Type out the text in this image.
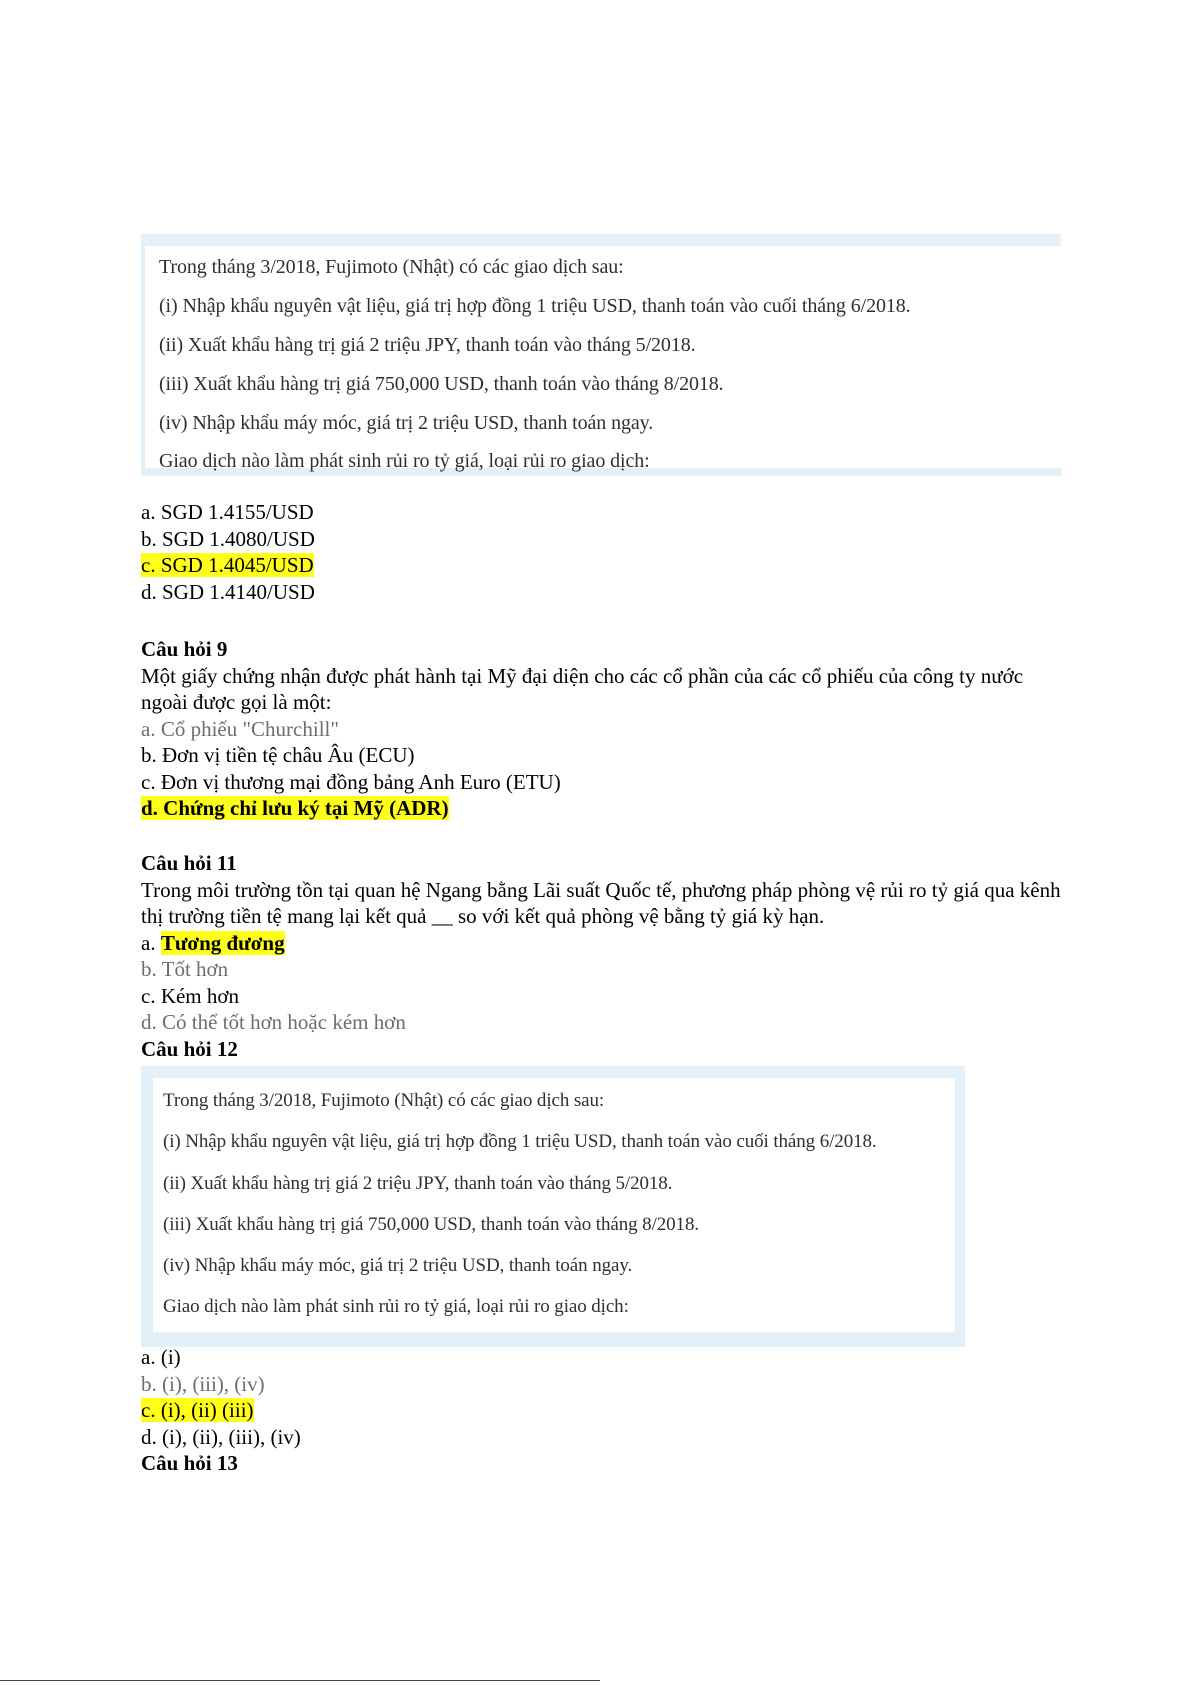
Trong tháng 3/2018, Fujimoto (Nhật) có các giao dịch sau:
(i) Nhập khẩu nguyên vật liệu, giá trị hợp đồng 1 triệu USD, thanh toán vào cuối tháng 6/2018.
(ii) Xuất khẩu hàng trị giá 2 triệu JPY, thanh toán vào tháng 5/2018.
(iii) Xuất khẩu hàng trị giá 750,000 USD, thanh toán vào tháng 8/2018.
(iv) Nhập khẩu máy móc, giá trị 2 triệu USD, thanh toán ngay.
Giao dịch nào làm phát sinh rủi ro tỷ giá, loại rủi ro giao dịch:
a. SGD 1.4155/USD
b. SGD 1.4080/USD
c. SGD 1.4045/USD
d. SGD 1.4140/USD
Câu hỏi 9
Một giấy chứng nhận được phát hành tại Mỹ đại diện cho các cổ phần của các cổ phiếu của công ty nước ngoài được gọi là một:
a. Cổ phiếu "Churchill"
b. Đơn vị tiền tệ châu Âu (ECU)
c. Đơn vị thương mại đồng bảng Anh Euro (ETU)
d. Chứng chỉ lưu ký tại Mỹ (ADR)
Câu hỏi 11
Trong môi trường tồn tại quan hệ Ngang bằng Lãi suất Quốc tế, phương pháp phòng vệ rủi ro tỷ giá qua kênh thị trường tiền tệ mang lại kết quả __ so với kết quả phòng vệ bằng tỷ giá kỳ hạn.
a. Tương đương
b. Tốt hơn
c. Kém hơn
d. Có thể tốt hơn hoặc kém hơn
Câu hỏi 12
Trong tháng 3/2018, Fujimoto (Nhật) có các giao dịch sau:
(i) Nhập khẩu nguyên vật liệu, giá trị hợp đồng 1 triệu USD, thanh toán vào cuối tháng 6/2018.
(ii) Xuất khẩu hàng trị giá 2 triệu JPY, thanh toán vào tháng 5/2018.
(iii) Xuất khẩu hàng trị giá 750,000 USD, thanh toán vào tháng 8/2018.
(iv) Nhập khẩu máy móc, giá trị 2 triệu USD, thanh toán ngay.
Giao dịch nào làm phát sinh rủi ro tỷ giá, loại rủi ro giao dịch:
a. (i)
b. (i), (iii), (iv)
c. (i), (ii) (iii)
d. (i), (ii), (iii), (iv)
Câu hỏi 13
